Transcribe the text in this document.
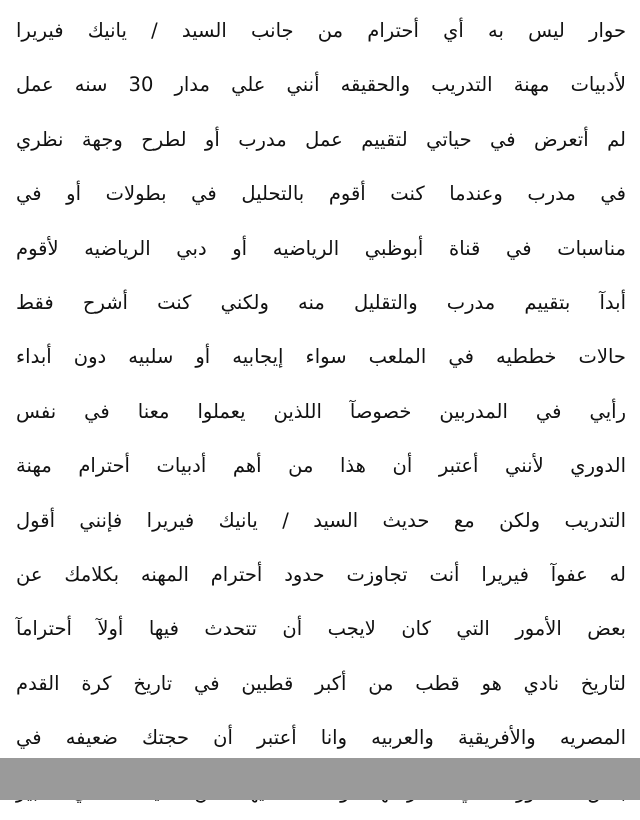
حوار ليس به أي أحترام من جانب السيد / يانيك فيريرا
لأدبيات مهنة التدريب والحقيقه أنني علي مدار 30 سنه عمل
لم أتعرض في حياتي لتقييم عمل مدرب أو لطرح وجهة نظري
في مدرب وعندما كنت أقوم بالتحليل في بطولات أو في
مناسبات في قناة أبوظبي الرياضيه أو دبي الرياضيه لأقوم
أبدآ بتقييم مدرب والتقليل منه ولكني كنت أشرح فقط
حالات خططيه في الملعب سواء إيجابيه أو سلبيه دون أبداء
رأيي في المدربين خصوصآ اللذين يعملوا معنا في نفس
الدوري لأنني أعتبر أن هذا من أهم أدبيات أحترام مهنة
التدريب ولكن مع حديث السيد / يانيك فيريرا فإنني أقول
له عفوآ فيريرا أنت تجاوزت حدود أحترام المهنه بكلامك عن
بعض الأمور التي كان لايجب أن تتحدث فيها أولآ أحترامآ
لتاريخ نادي هو قطب من أكبر قطبين في تاريخ كرة القدم
المصريه والأفريقية والعربيه وانا أعتبر أن حجتك ضعيفه في
